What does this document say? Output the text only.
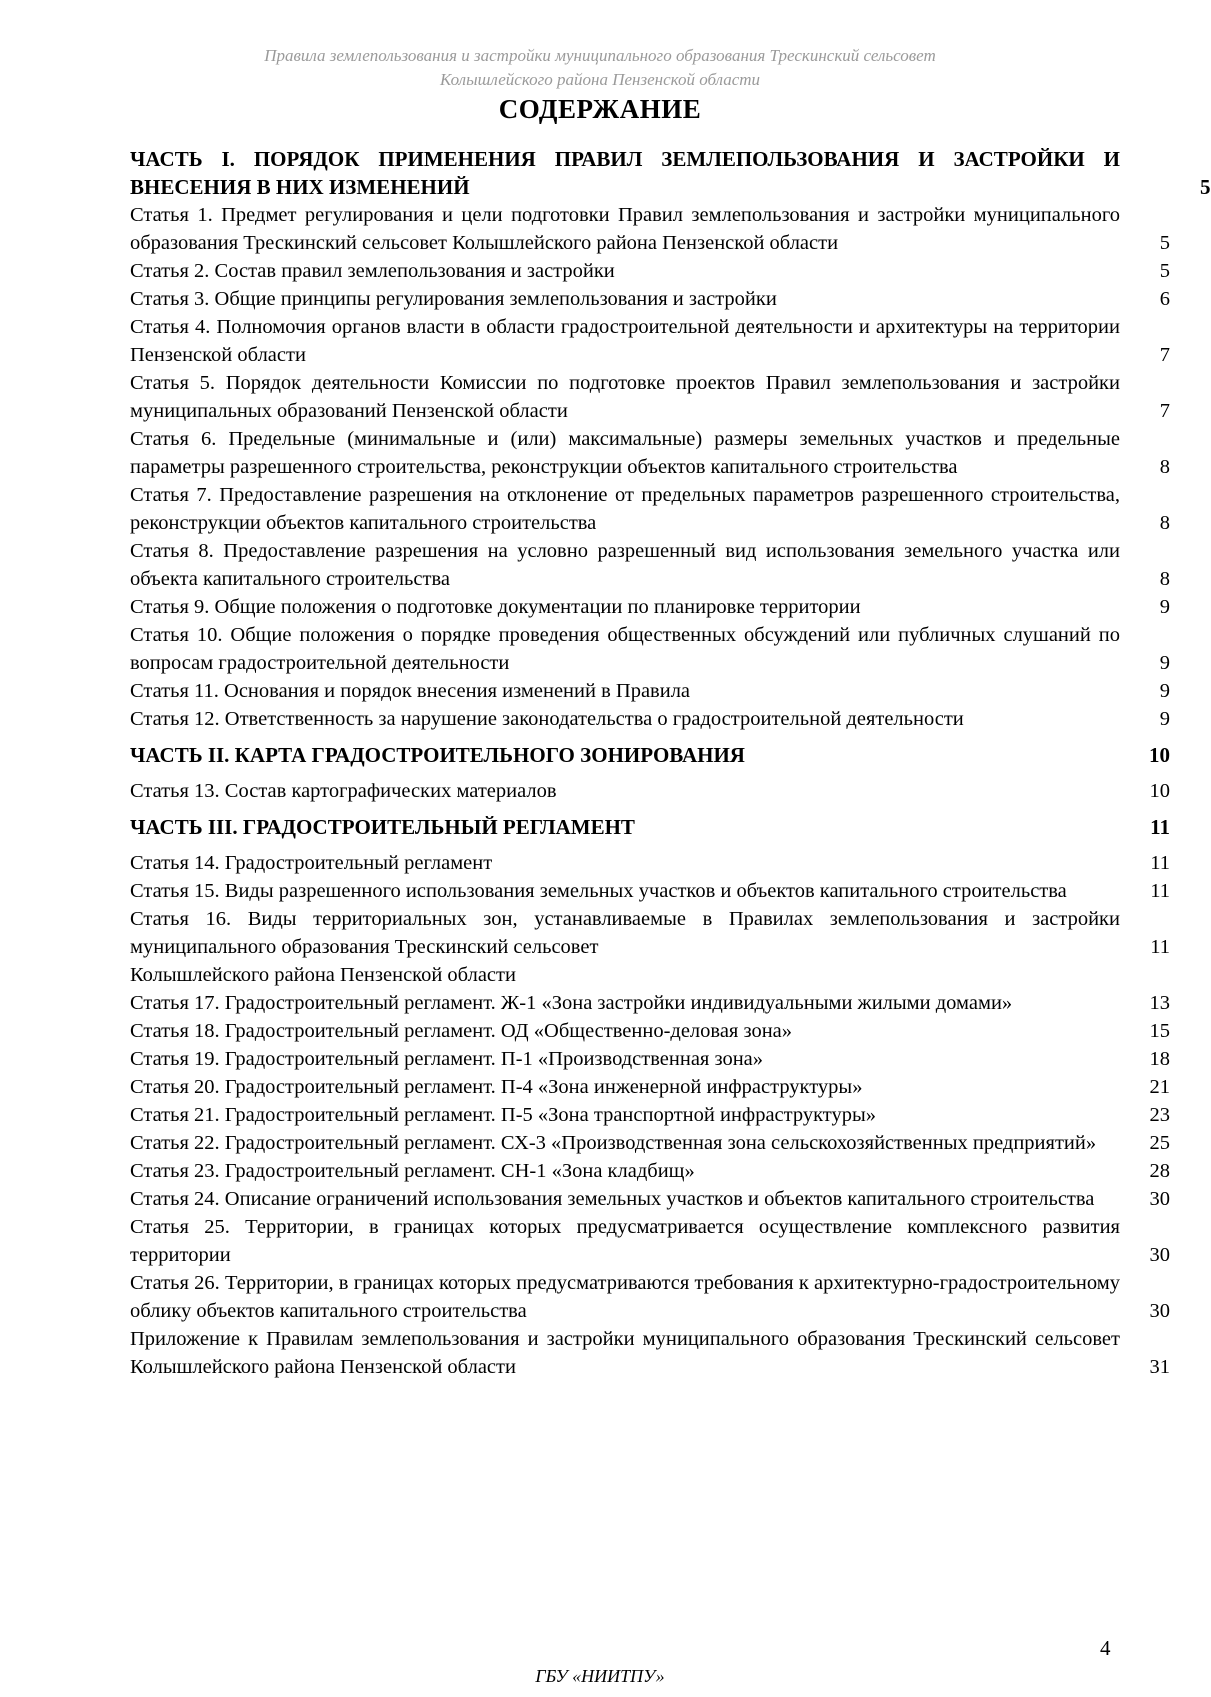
Правила землепользования и застройки муниципального образования Трескинский сельсовет
Колышлейского района Пензенской области
СОДЕРЖАНИЕ
ЧАСТЬ I. ПОРЯДОК ПРИМЕНЕНИЯ ПРАВИЛ ЗЕМЛЕПОЛЬЗОВАНИЯ И ЗАСТРОЙКИ И ВНЕСЕНИЯ В НИХ ИЗМЕНЕНИЙ	5
Статья 1. Предмет регулирования и цели подготовки Правил землепользования и застройки муниципального образования Трескинский сельсовет Колышлейского района Пензенской области	5
Статья 2. Состав правил землепользования и застройки	5
Статья 3. Общие принципы регулирования землепользования и застройки	6
Статья 4. Полномочия органов власти в области градостроительной деятельности и архитектуры на территории Пензенской области	7
Статья 5. Порядок деятельности Комиссии по подготовке проектов Правил землепользования и застройки муниципальных образований Пензенской области	7
Статья 6. Предельные (минимальные и (или) максимальные) размеры земельных участков и предельные параметры разрешенного строительства, реконструкции объектов капитального строительства	8
Статья 7. Предоставление разрешения на отклонение от предельных параметров разрешенного строительства, реконструкции объектов капитального строительства	8
Статья 8. Предоставление разрешения на условно разрешенный вид использования земельного участка или объекта капитального строительства	8
Статья 9. Общие положения о подготовке документации по планировке территории	9
Статья 10. Общие положения о порядке проведения общественных обсуждений или публичных слушаний по вопросам градостроительной деятельности	9
Статья 11. Основания и порядок внесения изменений в Правила	9
Статья 12. Ответственность за нарушение законодательства о градостроительной деятельности	9
ЧАСТЬ II. КАРТА ГРАДОСТРОИТЕЛЬНОГО ЗОНИРОВАНИЯ	10
Статья 13. Состав картографических материалов	10
ЧАСТЬ III. ГРАДОСТРОИТЕЛЬНЫЙ РЕГЛАМЕНТ	11
Статья 14. Градостроительный регламент	11
Статья 15. Виды разрешенного использования земельных участков и объектов капитального строительства	11
Статья 16. Виды территориальных зон, устанавливаемые в Правилах землепользования и застройки муниципального образования Трескинский сельсовет	11
Колышлейского района Пензенской области
Статья 17. Градостроительный регламент. Ж-1 «Зона застройки индивидуальными жилыми домами»	13
Статья 18. Градостроительный регламент. ОД «Общественно-деловая зона»	15
Статья 19. Градостроительный регламент. П-1 «Производственная зона»	18
Статья 20. Градостроительный регламент. П-4 «Зона инженерной инфраструктуры»	21
Статья 21. Градостроительный регламент. П-5 «Зона транспортной инфраструктуры»	23
Статья 22. Градостроительный регламент. СХ-3 «Производственная зона сельскохозяйственных предприятий»	25
Статья 23. Градостроительный регламент. СН-1 «Зона кладбищ»	28
Статья 24. Описание ограничений использования земельных участков и объектов капитального строительства	30
Статья 25. Территории, в границах которых предусматривается осуществление комплексного развития территории	30
Статья 26. Территории, в границах которых предусматриваются требования к архитектурно-градостроительному облику объектов капитального строительства	30
Приложение к Правилам землепользования и застройки муниципального образования Трескинский сельсовет Колышлейского района Пензенской области	31
4
ГБУ «НИИТПУ»
